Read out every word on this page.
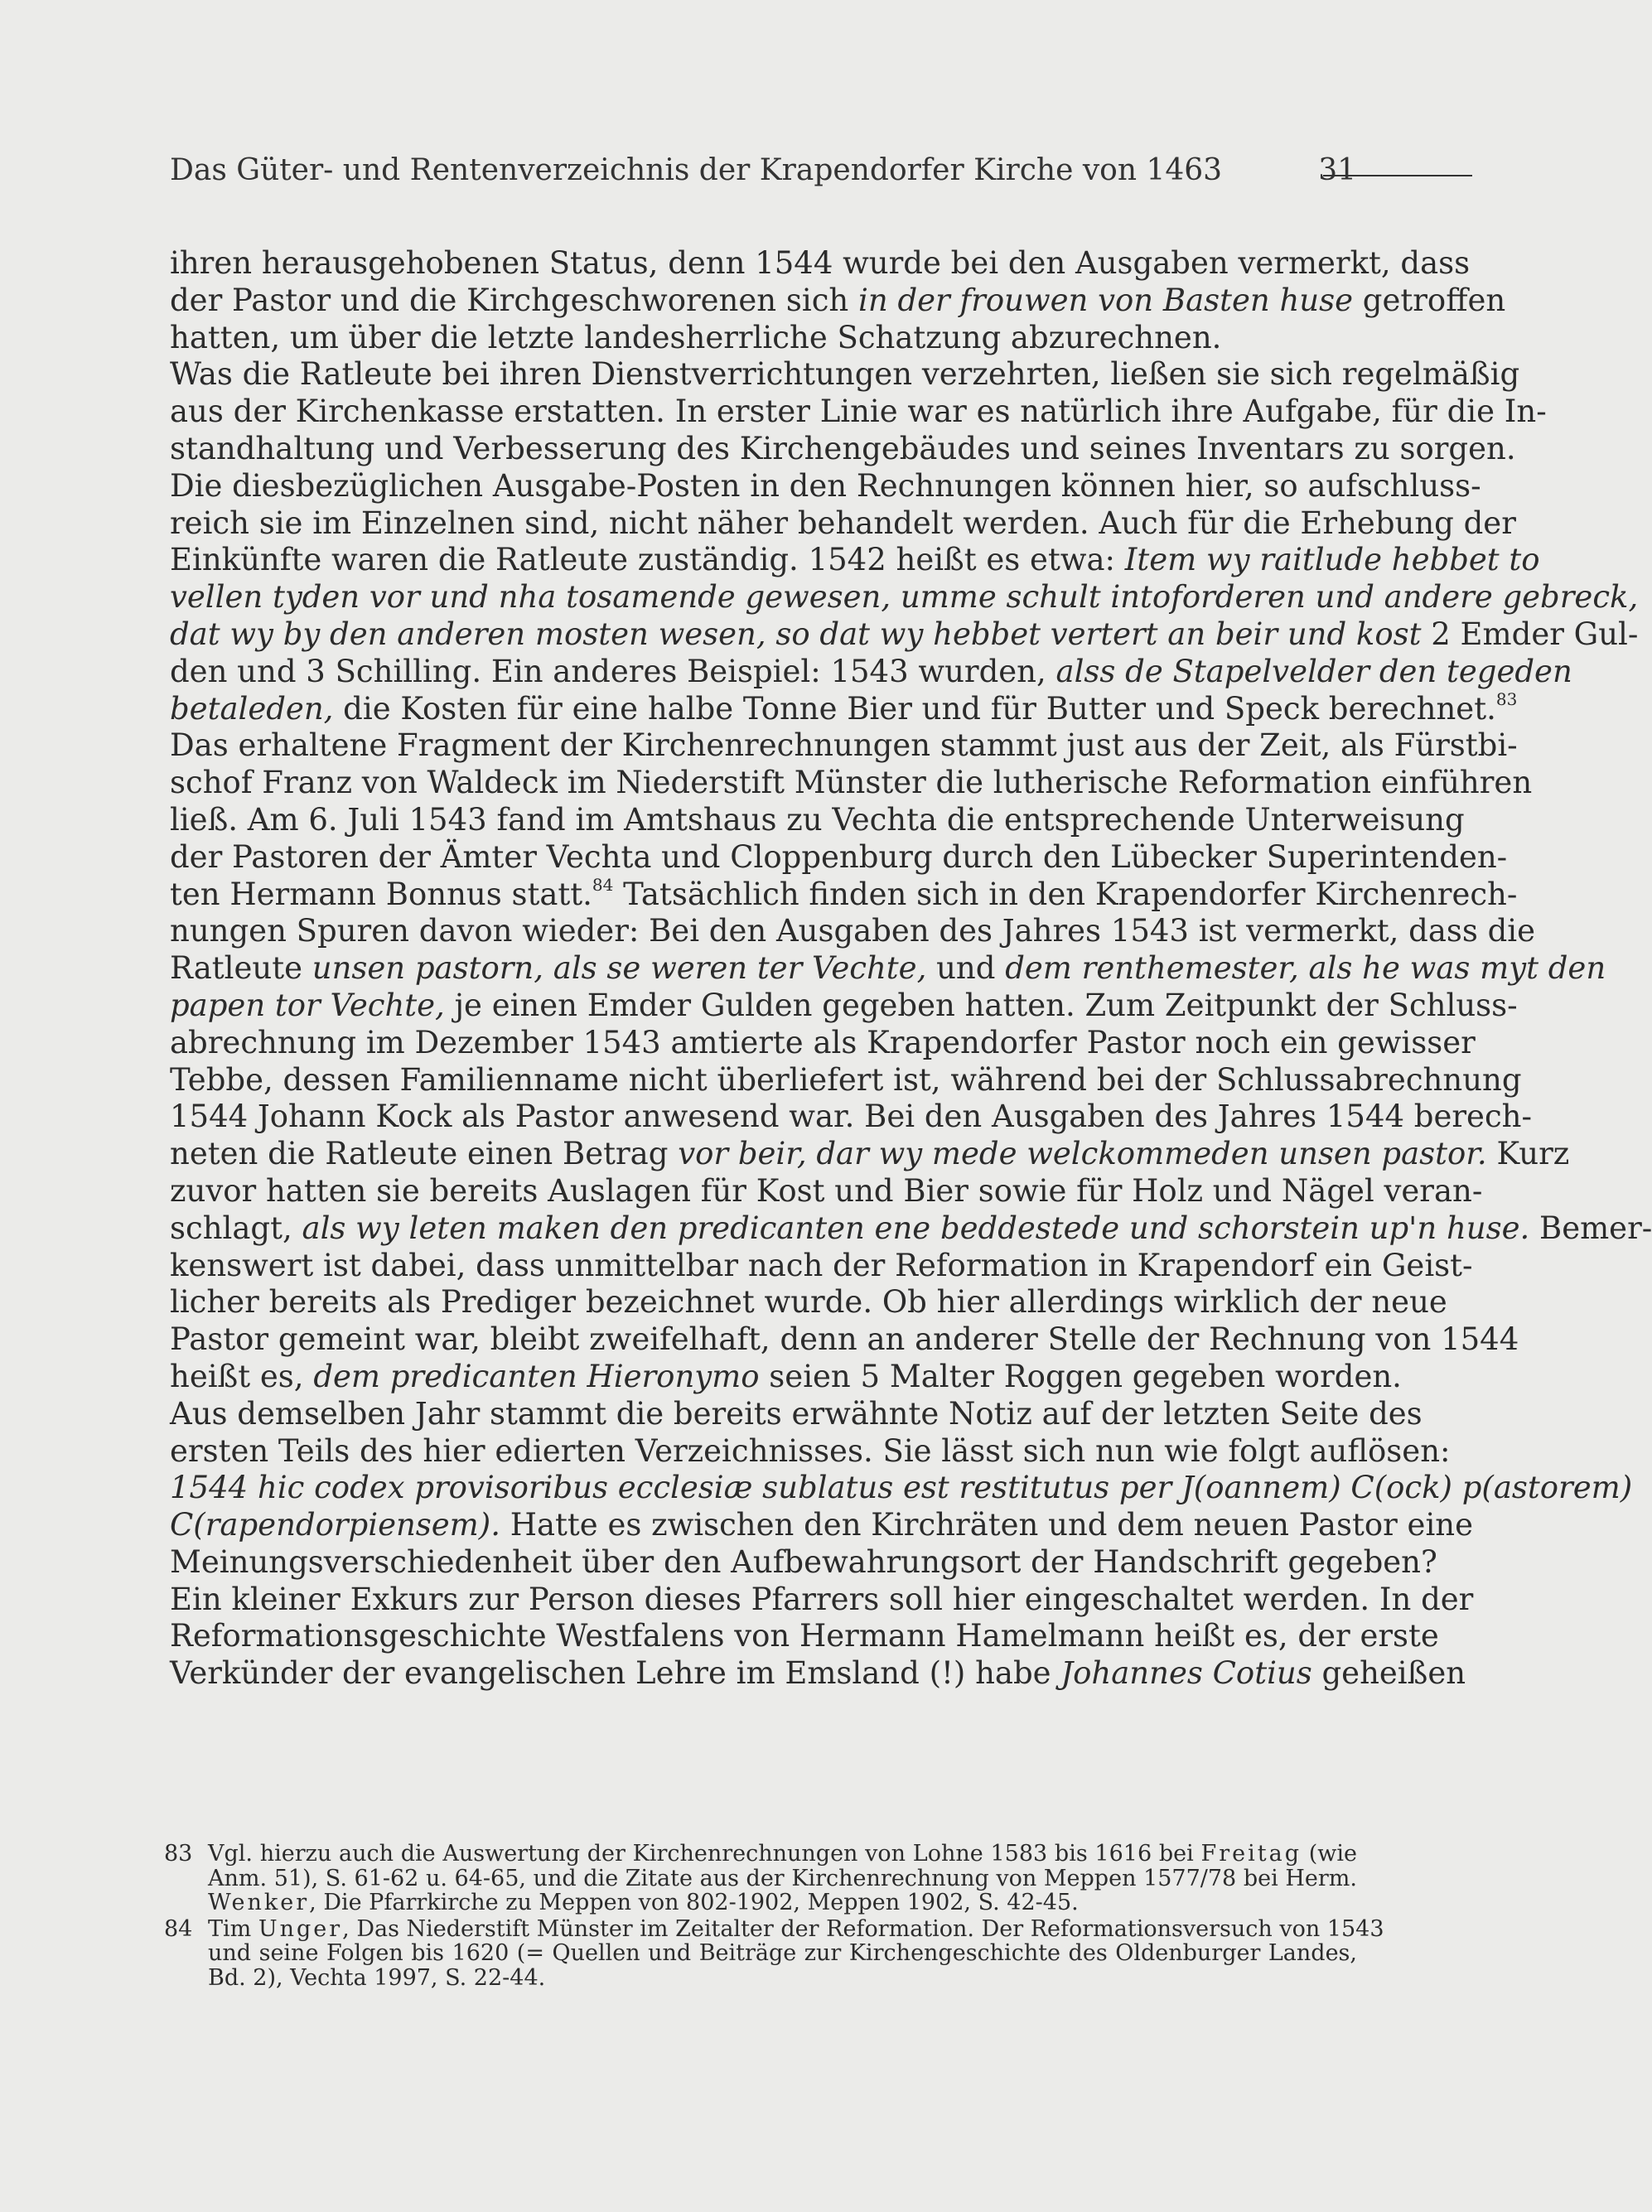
Das Güter- und Rentenverzeichnis der Krapendorfer Kirche von 1463	31
ihren herausgehobenen Status, denn 1544 wurde bei den Ausgaben vermerkt, dass
der Pastor und die Kirchgeschworenen sich in der frouwen von Basten huse getroffen
hatten, um über die letzte landesherrliche Schatzung abzurechnen.
Was die Ratleute bei ihren Dienstverrichtungen verzehrten, ließen sie sich regelmäßig
aus der Kirchenkasse erstatten. In erster Linie war es natürlich ihre Aufgabe, für die In-
standhaltung und Verbesserung des Kirchengebäudes und seines Inventars zu sorgen.
Die diesbezüglichen Ausgabe-Posten in den Rechnungen können hier, so aufschluss-
reich sie im Einzelnen sind, nicht näher behandelt werden. Auch für die Erhebung der
Einkünfte waren die Ratleute zuständig. 1542 heißt es etwa: Item wy raitlude hebbet to
vellen tyden vor und nha tosamende gewesen, umme schult intoforderen und andere gebreck,
dat wy by den anderen mosten wesen, so dat wy hebbet vertert an beir und kost 2 Emder Gul-
den und 3 Schilling. Ein anderes Beispiel: 1543 wurden, alss de Stapelvelder den tegeden
betaleden, die Kosten für eine halbe Tonne Bier und für Butter und Speck berechnet.$^{83}$
Das erhaltene Fragment der Kirchenrechnungen stammt just aus der Zeit, als Fürstbi-
schof Franz von Waldeck im Niederstift Münster die lutherische Reformation einführen
ließ. Am 6. Juli 1543 fand im Amtshaus zu Vechta die entsprechende Unterweisung
der Pastoren der Ämter Vechta und Cloppenburg durch den Lübecker Superintenden-
ten Hermann Bonnus statt.$^{84}$ Tatsächlich finden sich in den Krapendorfer Kirchenrech-
nungen Spuren davon wieder: Bei den Ausgaben des Jahres 1543 ist vermerkt, dass die
Ratleute unsen pastorn, als se weren ter Vechte, und dem renthemester, als he was myt den
papen tor Vechte, je einen Emder Gulden gegeben hatten. Zum Zeitpunkt der Schluss-
abrechnung im Dezember 1543 amtierte als Krapendorfer Pastor noch ein gewisser
Tebbe, dessen Familienname nicht überliefert ist, während bei der Schlussabrechnung
1544 Johann Kock als Pastor anwesend war. Bei den Ausgaben des Jahres 1544 berech-
neten die Ratleute einen Betrag vor beir, dar wy mede welckommeden unsen pastor. Kurz
zuvor hatten sie bereits Auslagen für Kost und Bier sowie für Holz und Nägel veran-
schlagt, als wy leten maken den predicanten ene beddestede und schorstein up'n huse. Bemer-
kenswert ist dabei, dass unmittelbar nach der Reformation in Krapendorf ein Geist-
licher bereits als Prediger bezeichnet wurde. Ob hier allerdings wirklich der neue
Pastor gemeint war, bleibt zweifelhaft, denn an anderer Stelle der Rechnung von 1544
heißt es, dem predicanten Hieronymo seien 5 Malter Roggen gegeben worden.
Aus demselben Jahr stammt die bereits erwähnte Notiz auf der letzten Seite des
ersten Teils des hier edierten Verzeichnisses. Sie lässt sich nun wie folgt auflösen:
1544 hic codex provisoribus ecclesiæ sublatus est restitutus per J(oannem) C(ock) p(astorem)
C(rapendorpiensem). Hatte es zwischen den Kirchräten und dem neuen Pastor eine
Meinungsverschiedenheit über den Aufbewahrungsort der Handschrift gegeben?
Ein kleiner Exkurs zur Person dieses Pfarrers soll hier eingeschaltet werden. In der
Reformationsgeschichte Westfalens von Hermann Hamelmann heißt es, der erste
Verkünder der evangelischen Lehre im Emsland (!) habe Johannes Cotius geheißen
83 Vgl. hierzu auch die Auswertung der Kirchenrechnungen von Lohne 1583 bis 1616 bei Freitag (wie
Anm. 51), S. 61-62 u. 64-65, und die Zitate aus der Kirchenrechnung von Meppen 1577/78 bei Herm.
Wenker, Die Pfarrkirche zu Meppen von 802-1902, Meppen 1902, S. 42-45.
84 Tim Unger, Das Niederstift Münster im Zeitalter der Reformation. Der Reformationsversuch von 1543
und seine Folgen bis 1620 (= Quellen und Beiträge zur Kirchengeschichte des Oldenburger Landes,
Bd. 2), Vechta 1997, S. 22-44.
